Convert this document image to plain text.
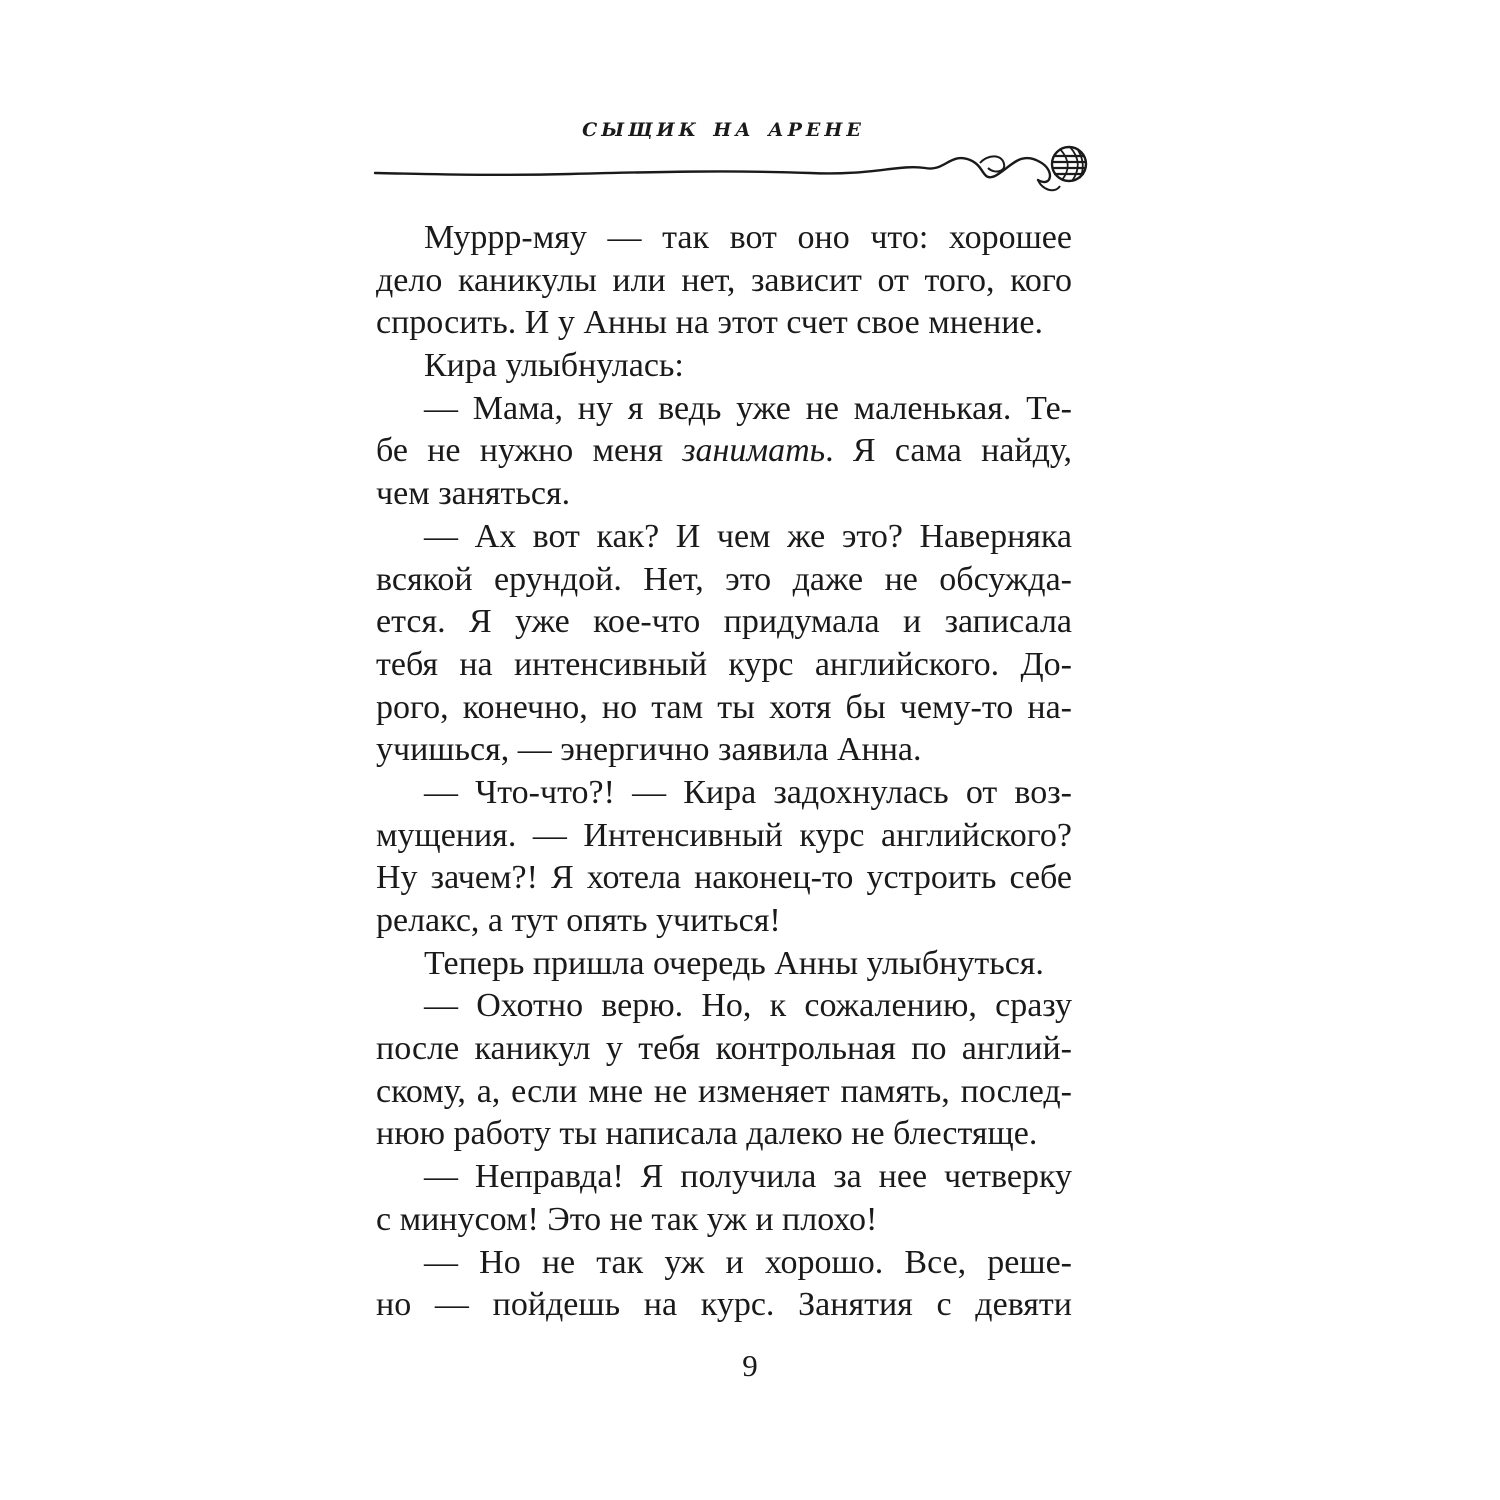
сыщик на арене
Муррр-мяу — так вот оно что: хорошее
дело каникулы или нет, зависит от того, кого
спросить. И у Анны на этот счет свое мнение.
Кира улыбнулась:
— Мама, ну я ведь уже не маленькая. Те-
бе не нужно меня занимать. Я сама найду,
чем заняться.
— Ах вот как? И чем же это? Наверняка
всякой ерундой. Нет, это даже не обсужда-
ется. Я уже кое-что придумала и записала
тебя на интенсивный курс английского. До-
рого, конечно, но там ты хотя бы чему-то на-
учишься, — энергично заявила Анна.
— Что-что?! — Кира задохнулась от воз-
мущения. — Интенсивный курс английского?
Ну зачем?! Я хотела наконец-то устроить себе
релакс, а тут опять учиться!
Теперь пришла очередь Анны улыбнуться.
— Охотно верю. Но, к сожалению, сразу
после каникул у тебя контрольная по англий-
скому, а, если мне не изменяет память, послед-
нюю работу ты написала далеко не блестяще.
— Неправда! Я получила за нее четверку
с минусом! Это не так уж и плохо!
— Но не так уж и хорошо. Все, реше-
но — пойдешь на курс. Занятия с девяти
9
